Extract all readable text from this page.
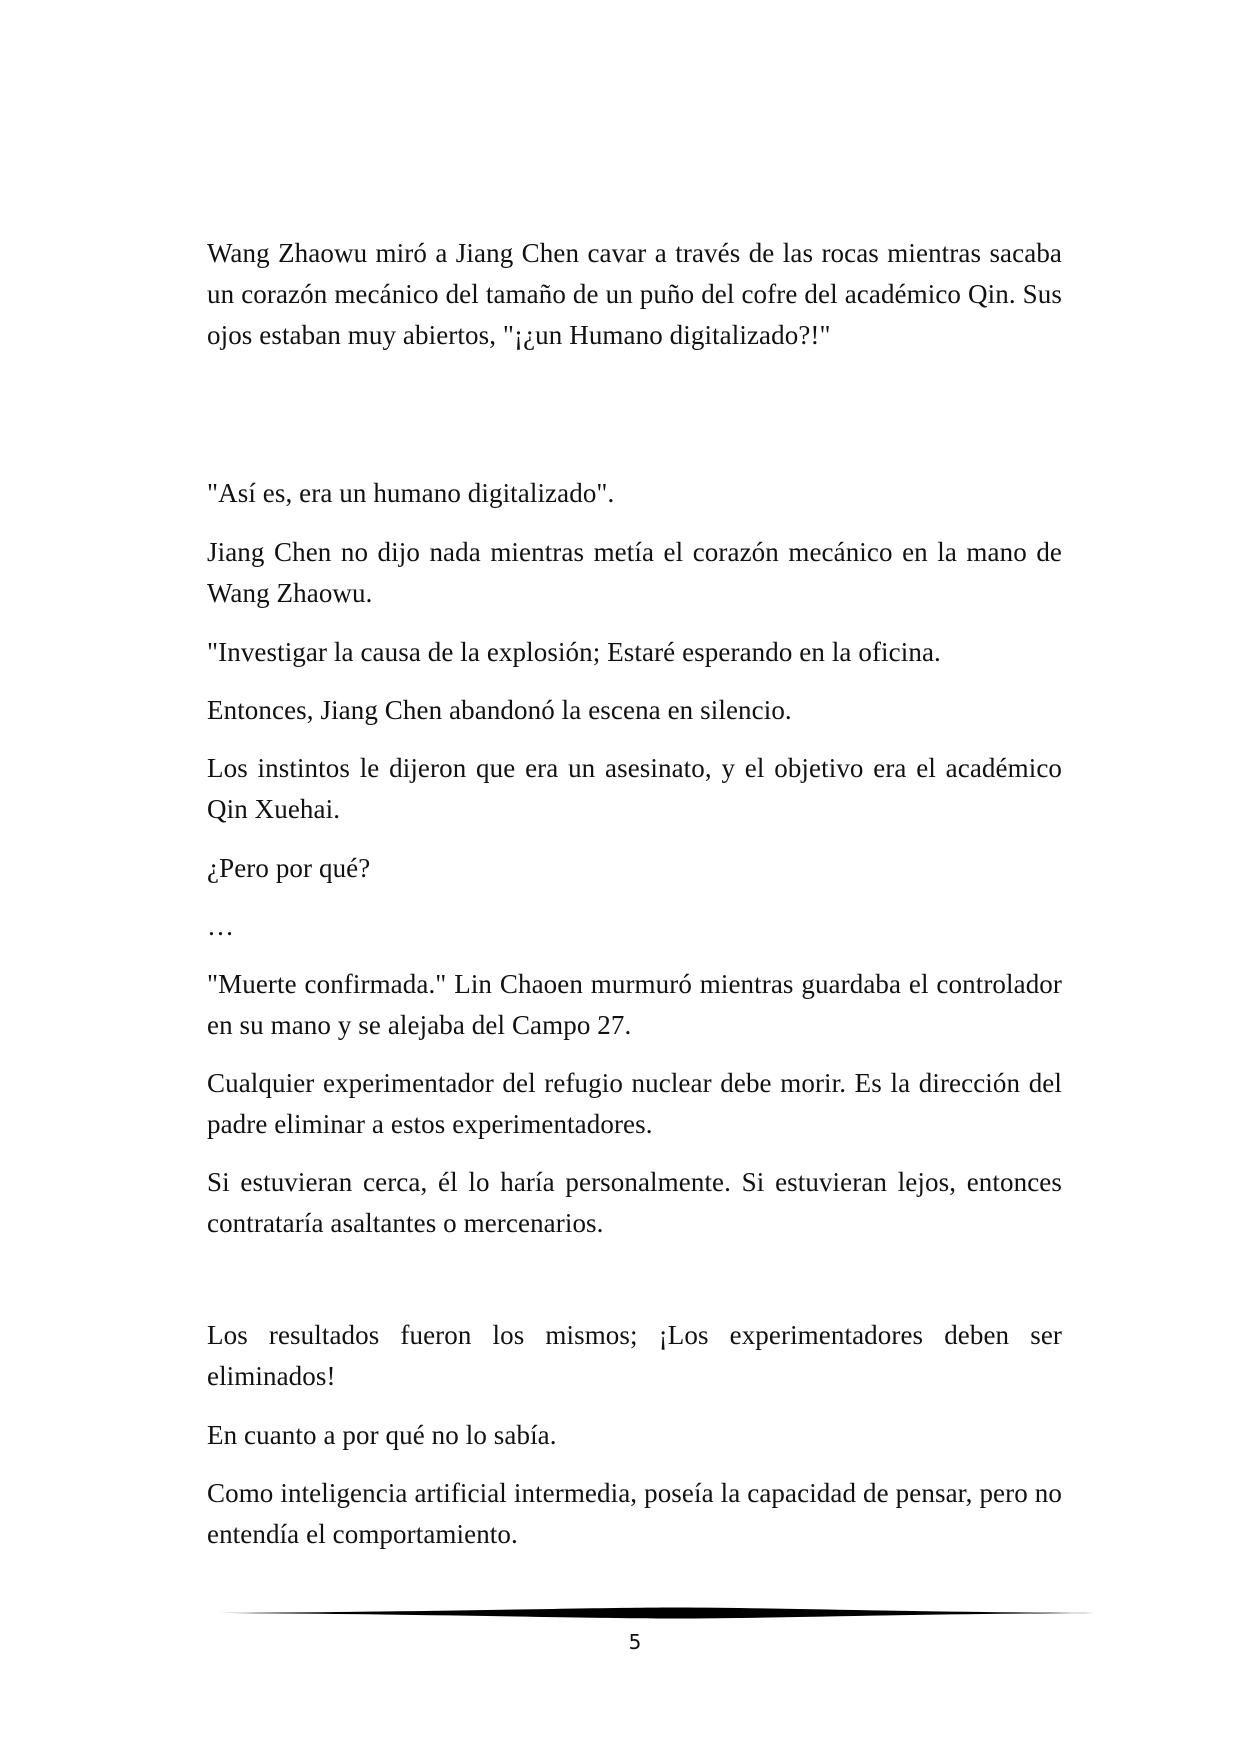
Wang Zhaowu miró a Jiang Chen cavar a través de las rocas mientras sacaba un corazón mecánico del tamaño de un puño del cofre del académico Qin. Sus ojos estaban muy abiertos, "¡¿un Humano digitalizado?!"

"Así es, era un humano digitalizado".

Jiang Chen no dijo nada mientras metía el corazón mecánico en la mano de Wang Zhaowu.

"Investigar la causa de la explosión; Estaré esperando en la oficina.

Entonces, Jiang Chen abandonó la escena en silencio.

Los instintos le dijeron que era un asesinato, y el objetivo era el académico Qin Xuehai.

¿Pero por qué?

…

"Muerte confirmada." Lin Chaoen murmuró mientras guardaba el controlador en su mano y se alejaba del Campo 27.

Cualquier experimentador del refugio nuclear debe morir. Es la dirección del padre eliminar a estos experimentadores.

Si estuvieran cerca, él lo haría personalmente. Si estuvieran lejos, entonces contrataría asaltantes o mercenarios.

Los resultados fueron los mismos; ¡Los experimentadores deben ser eliminados!

En cuanto a por qué no lo sabía.

Como inteligencia artificial intermedia, poseía la capacidad de pensar, pero no entendía el comportamiento.

5
